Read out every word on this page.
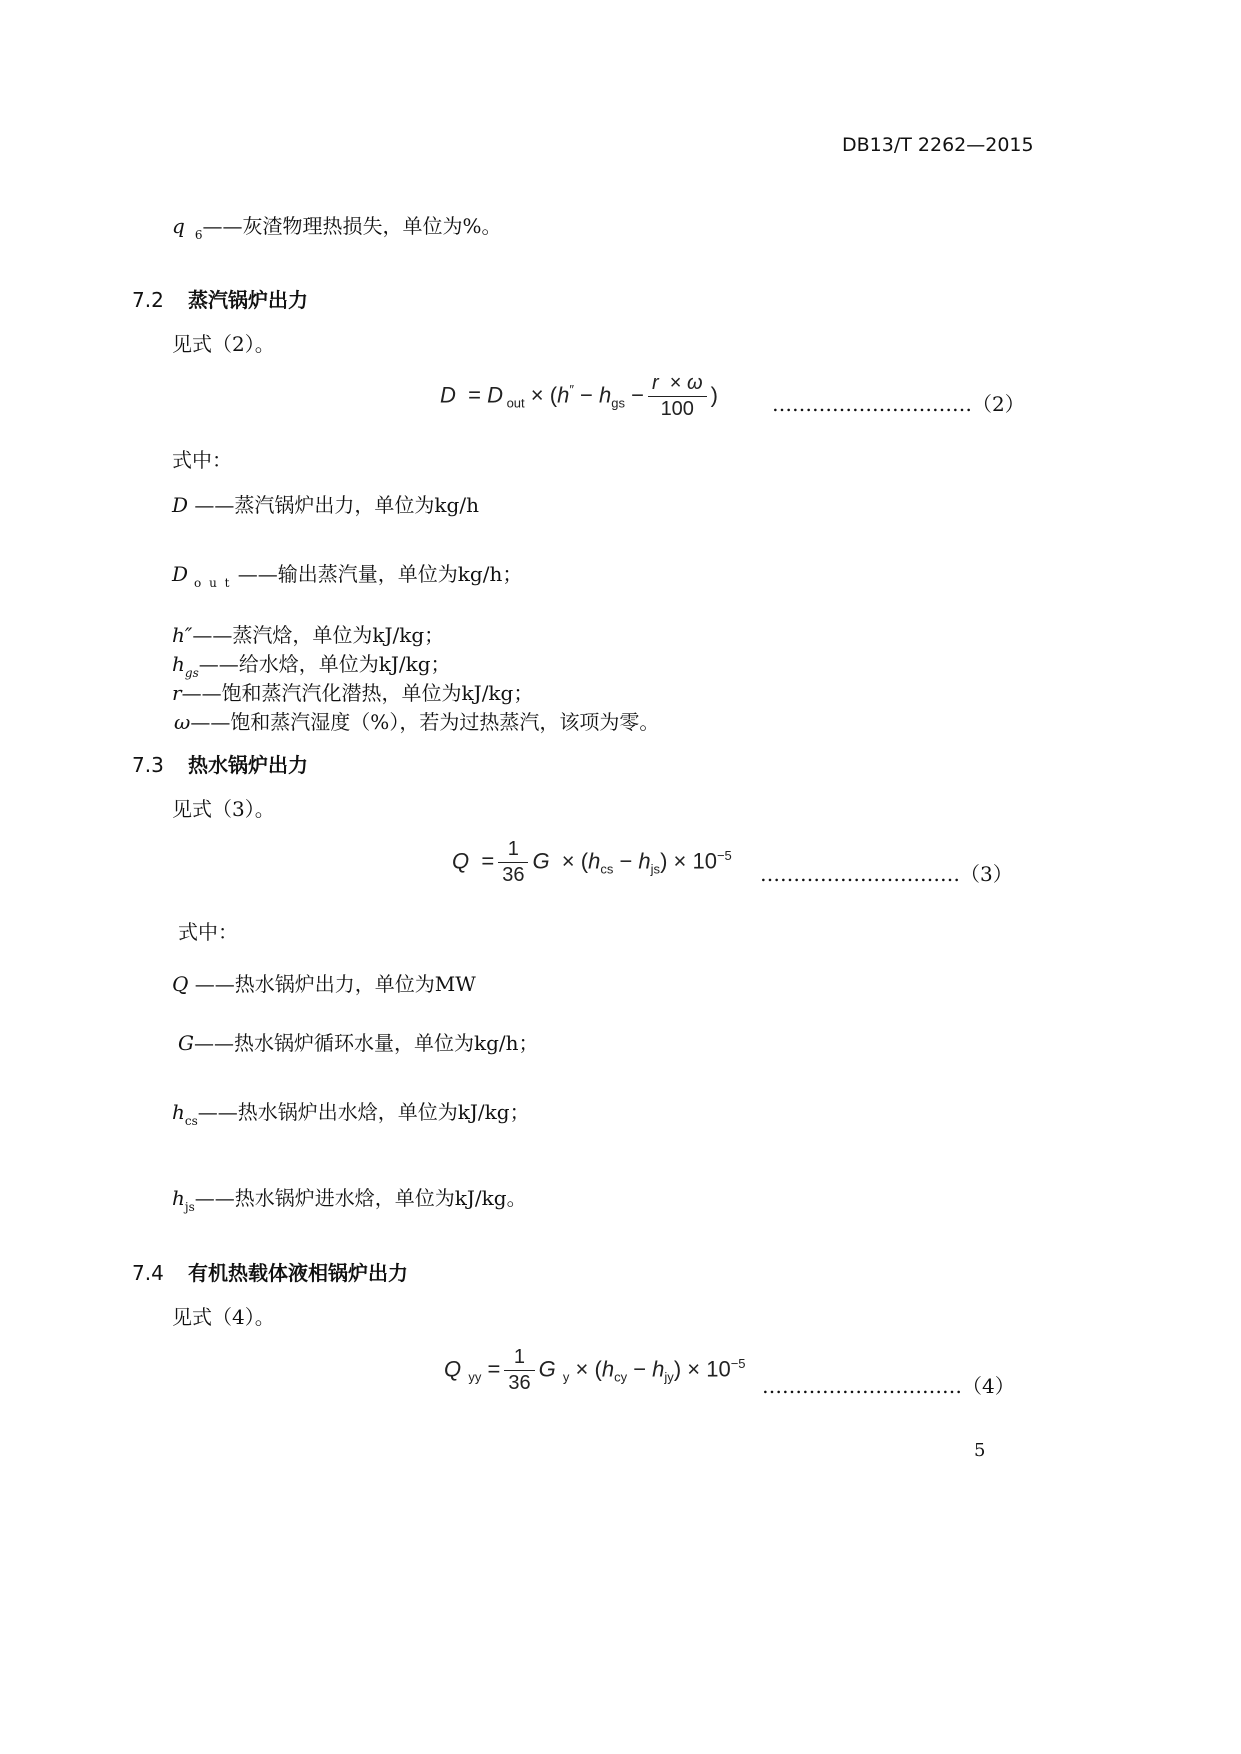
DB13/T 2262—2015
q $_6$——灰渣物理热损失，单位为%。
7.2 蒸汽锅炉出力
见式（2）。
D  = D $_{out} \times (h'' - h_{gs} - \frac{r \times \omega}{100}$ )	…………………………（2）
式中：
D ——蒸汽锅炉出力，单位为kg/h
D $_{o u t}$ ——输出蒸汽量，单位为kg/h；
h″——蒸汽焓，单位为kJ/kg；
$h_{gs}——$给水焓，单位为kJ/kg；
r——饱和蒸汽汽化潜热，单位为kJ/kg；
ω——饱和蒸汽湿度（%），若为过热蒸汽，该项为零。
7.3 热水锅炉出力
见式（3）。
$Q = \frac{1}{36}$ $G \times (h_{cs} - h_{js}) \times 10^{-5}$
…………………………（3）
式中：
Q ——热水锅炉出力，单位为MW
G——热水锅炉循环水量，单位为kg/h；
$h_{cs}——$热水锅炉出水焓，单位为kJ/kg；
$h_{js}——$热水锅炉进水焓，单位为kJ/kg。
7.4 有机热载体液相锅炉出力
见式（4）。
Q  $_{yy} = \frac{1}{36}$ G  $_y \times (h_{cy} - h_{jy}) \times 10^{-5}$
…………………………（4）
5
